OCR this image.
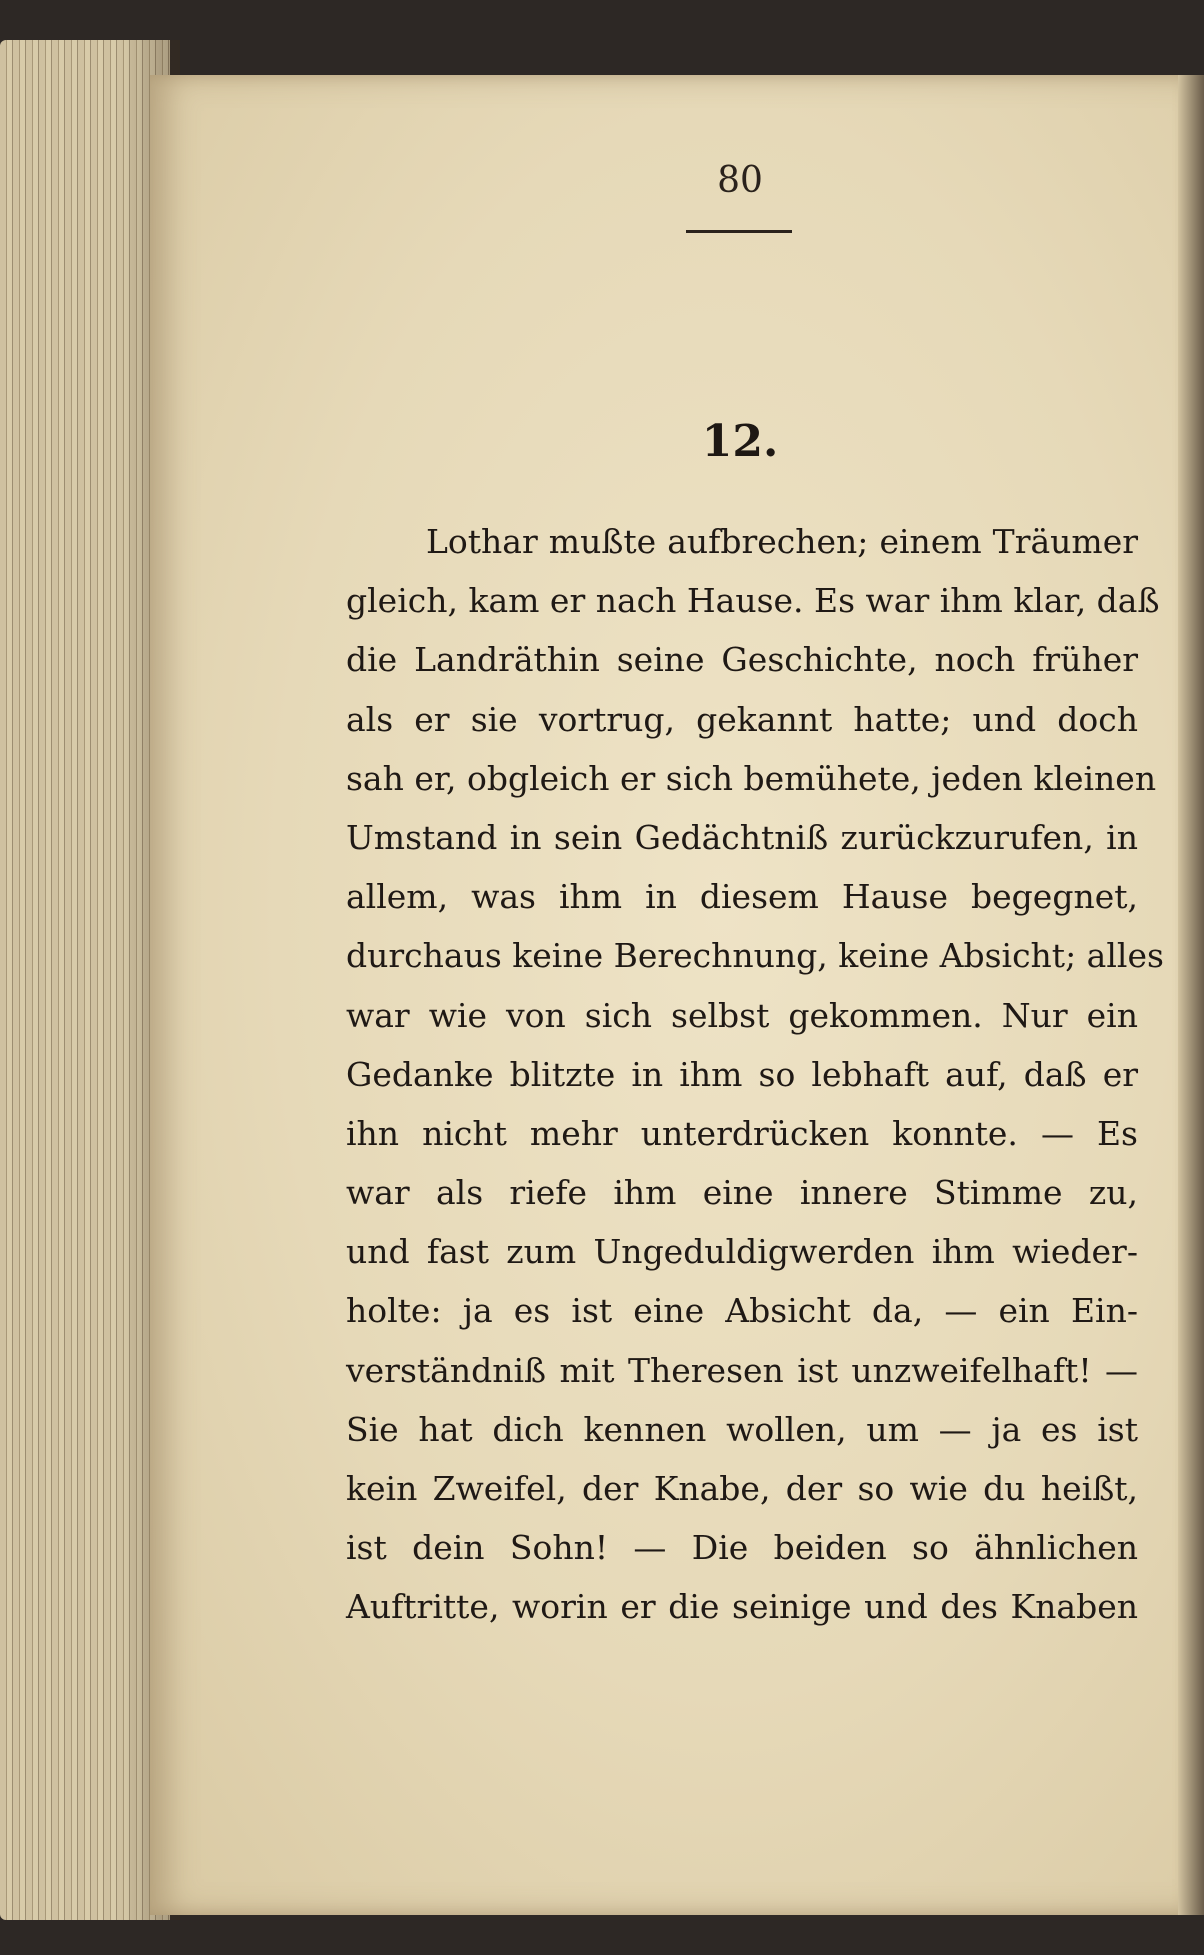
80
12.
Lothar mußte aufbrechen; einem Träumer
gleich, kam er nach Hause. Es war ihm klar, daß
die Landräthin seine Geschichte, noch früher
als er sie vortrug, gekannt hatte; und doch
sah er, obgleich er sich bemühete, jeden kleinen
Umstand in sein Gedächtniß zurückzurufen, in
allem, was ihm in diesem Hause begegnet,
durchaus keine Berechnung, keine Absicht; alles
war wie von sich selbst gekommen. Nur ein
Gedanke blitzte in ihm so lebhaft auf, daß er
ihn nicht mehr unterdrücken konnte. — Es
war als riefe ihm eine innere Stimme zu,
und fast zum Ungeduldigwerden ihm wieder-
holte: ja es ist eine Absicht da, — ein Ein-
verständniß mit Theresen ist unzweifelhaft! —
Sie hat dich kennen wollen, um — ja es ist
kein Zweifel, der Knabe, der so wie du heißt,
ist dein Sohn! — Die beiden so ähnlichen
Auftritte, worin er die seinige und des Knaben
